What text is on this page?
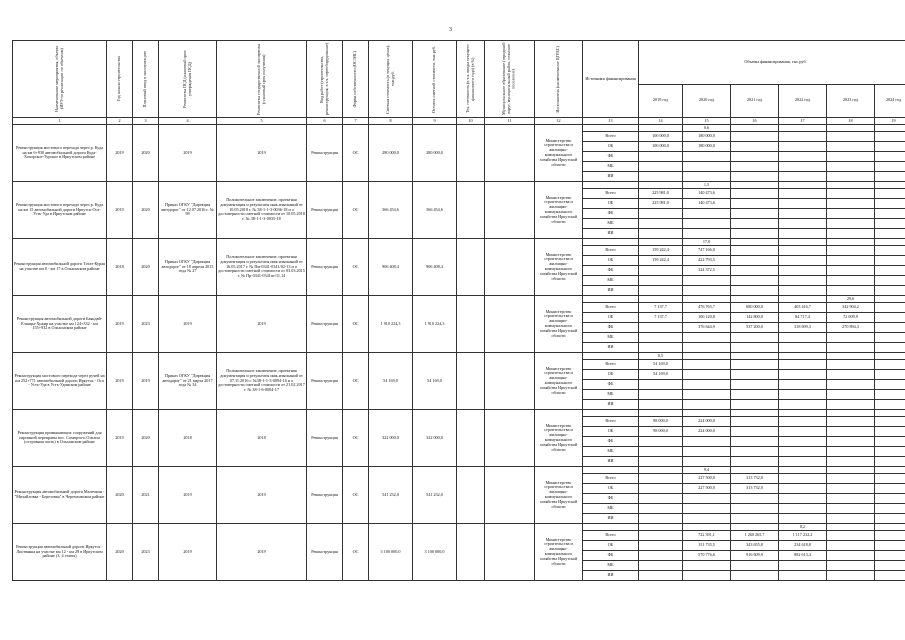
3
Наименование мероприятия, объекта (ИРЭ по реализации по объектам)	Год начала строительства	Плановый ввод в эксплуатацию	Реквизиты ПСД (плановый срок утверждения ПСД)	Реквизиты государственной экспертизы (плановый срок получения)	Вид работ (строительство, реконструкция, в т.ч. переоборудование)	Форма собственности (ОС/МС)	Сметная стоимость (в текущих ценах), тыс.руб.	Остаток сметной стоимости, тыс.руб.	Тех. готовность (в т.ч. вводы текущего финансового года) (в %)	Муниципальное образование (городской округ, муниципальный район, сельское поселение)	Исполнитель (наименование ЦГРБС)	Источники финансирования	Объемы финансирования, тыс.руб.					
													2019 год	2020 год	2021 год	2022 год	2023 год	2024 год
1	2	3	4	5	6	7	8	9	10	11	12	13	14	15	16	17	18	19
Реконструкция мостового перехода через р. Куда на км 6+930 автомобильной дороги Куда-Хохорское-Турское в Иркутском районе	2019	2020	2019	2019	Реконструкция	ОС	280 000,0	280 000,0			Министерство строительства и жилищно-коммунального хозяйства Иркутской области			0,6				
												Всего	100 000,0	180 000,0				
												ОБ	100 000,0	180 000,0				
												ФБ						
												МБ						
												ИИ						
Реконструкция мостового перехода через р. Куда на км 15 автомобильной дороги Иркутск-Оса-Усть-Уда в Иркутском районе	2019	2020	Приказ ОГКУ "Дирекция автодорог" от 12.07.2016 г. № 98	Положительное заключение, проектная документация и результаты инж.изысканий от 10.05.2018 г. № 38-1-1-3-0036-18 и о достоверности сметной стоимости от 10.05.2018 г. № 38-1-1-3-0035-18	Реконструкция	ОС	366 454,6	366 454,6			Министерство строительства и жилищно-коммунального хозяйства Иркутской области			1,5				
												Всего	225 981,0	140 473,6				
												ОБ	225 981,0	140 473,6				
												ФБ						
												МБ						
												ИИ						
Реконструкция автомобильной дороги Тотат-Курая на участке км 0 - км 17 в Ольхонском районе	2018	2020	Приказ ОГКУ "Дирекция автодорог" от 10 апреля 2015 года № 27	Положительное заключение, проектная документация и результаты инж.изысканий от 16.05.2017 г. № Пм-0341-0341/02-13 и о достоверности сметной стоимости от 03.03.2015 г. № Пр-0341-0341пт/11.14	Реконструкция	ОС	906 408,4	906 408,4			Министерство строительства и жилищно-коммунального хозяйства Иркутской области			17,0				
												Всего	159 242,4	747 166,0				
												ОБ	159 242,4	422 793,5				
												ФБ		324 372,5				
												МБ						
												ИИ						
Реконструкция автомобильной дороги Баяндай-Еланцы-Хужир на участке км 124+332 - км 155+932 в Ольхонском районе	2019	2023	2019	2019	Реконструкция	ОС	1 910 224,3	1 910 224,3			Министерство строительства и жилищно-коммунального хозяйства Иркутской области						29,6	
												Всего	7 137,7	476 765,7	680 000,0	403 416,7	342 904,2	
												ОБ	7 137,7	100 120,8	142 800,0	84 717,4	72 009,9	
												ФБ		376 644,9	537 200,0	318 699,3	270 894,3	
												МБ						
												ИИ						
Реконструкция мостового перехода через ручей на км 252+771 автомобильной дороги Иркутск - Оса - Усть-Уда в Усть-Удинском районе	2019	2019	Приказ ОГКУ "Дирекция автодорог" от 21 марта 2017 года № 34	Положительное заключение, проектная документация и результаты инж.изысканий от 07.11.2016 г. №38-1-1-3-0094-16 и о достоверности сметной стоимости от 21.02.2017 г. № 38-1-6-0004-17	Реконструкция	ОС	54 169,0	54 169,0			Министерство строительства и жилищно-коммунального хозяйства Иркутской области		0,5					
												Всего	54 169,0					
												ОБ	54 169,0					
												ФБ						
												МБ						
												ИИ						
Реконструкция примыкающих сооружений для паромной переправы пос. Сахюрта-о.Ольхон (островная часть) в Ольхонском районе	2019	2020	2018	2018	Реконструкция	ОС	322 000,0	322 000,0			Министерство строительства и жилищно-коммунального хозяйства Иркутской области							
												Всего	98 000,0	224 000,0				
												ОБ	98 000,0	224 000,0				
												ФБ						
												МБ						
												ИИ						
Реконструкция автомобильной дороги Малечкин - "Михайловка - Березовка" в Черемховском районе	2020	2021	2019	2019	Реконструкция	ОС	541 232,0	541 232,0			Министерство строительства и жилищно-коммунального хозяйства Иркутской области			9,4				
												Всего		227 500,0	313 732,0			
												ОБ		227 500,0	313 732,0			
												ФБ						
												МБ						
												ИИ						
Реконструкция автомобильной дороги Иркутск - Листвянка на участке км 12 - км 29 в Иркутском районе (3, 4 этапы)	2020	2023	2019	2019	Реконструкция	ОС	3 100 000,0	3 100 000,0			Министерство строительства и жилищно-коммунального хозяйства Иркутской области					8,2		
												Всего		722 391,1	1 260 265,7	1 117 232,2		
												ОБ		151 735,5	343 655,8	234 618,8		
												ФБ		570 776,6	916 609,9	882 613,4		
												МБ						
												ИИ						
